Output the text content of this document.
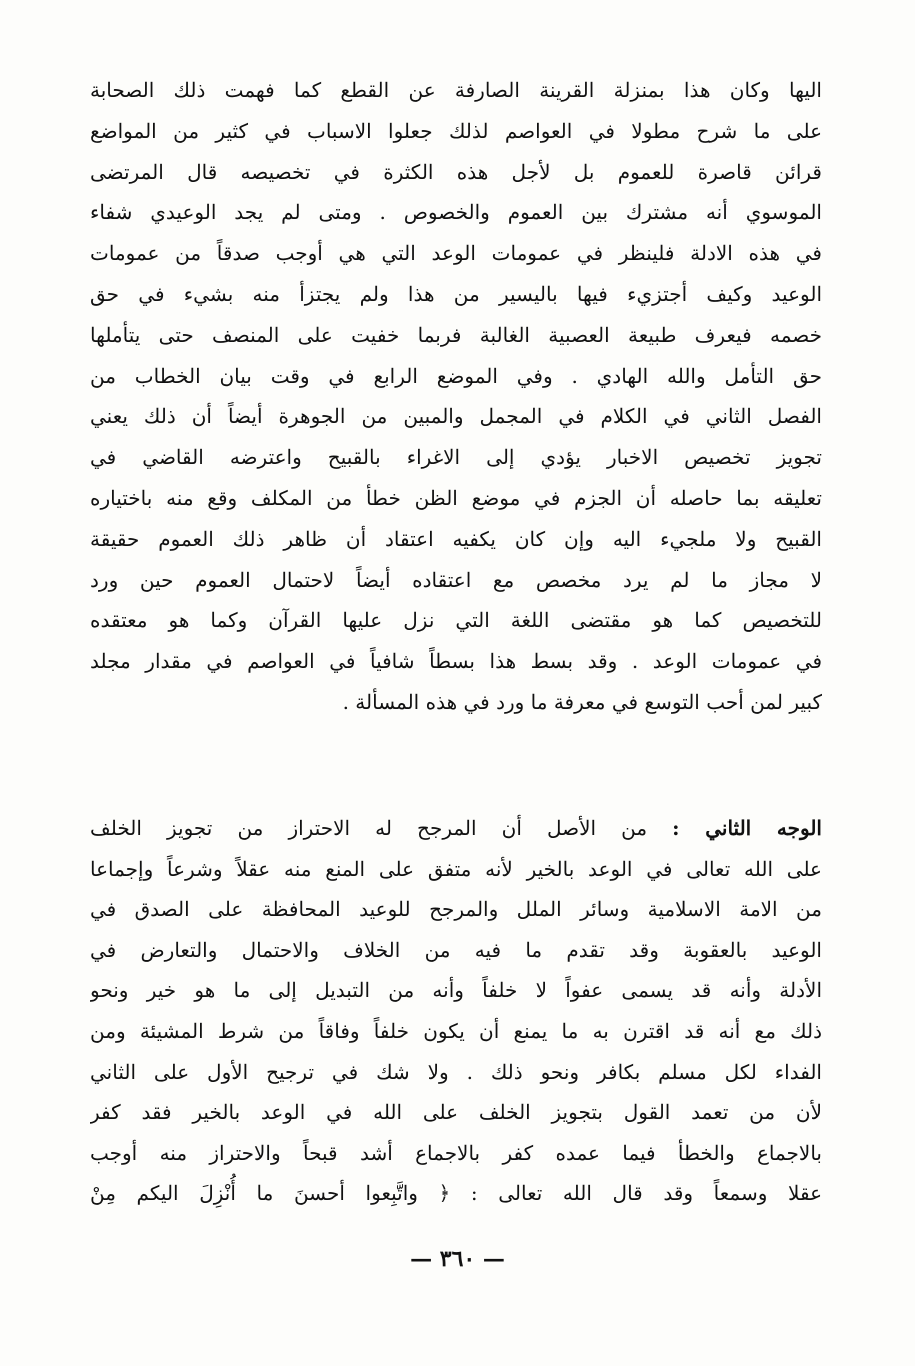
اليها وكان هذا بمنزلة القرينة الصارفة عن القطع كما فهمت ذلك الصحابة
على ما شرح مطولا في العواصم لذلك جعلوا الاسباب في كثير من المواضع
قرائن قاصرة للعموم بل لأجل هذه الكثرة في تخصيصه قال المرتضى
الموسوي أنه مشترك بين العموم والخصوص . ومتى لم يجد الوعيدي شفاء
في هذه الادلة فلينظر في عمومات الوعد التي هي أوجب صدقاً من عمومات
الوعيد وكيف أجتزيء فيها باليسير من هذا ولم يجتزأ منه بشيء في حق
خصمه فيعرف طبيعة العصبية الغالبة فربما خفيت على المنصف حتى يتأملها
حق التأمل والله الهادي . وفي الموضع الرابع في وقت بيان الخطاب من
الفصل الثاني في الكلام في المجمل والمبين من الجوهرة أيضاً أن ذلك يعني
تجويز تخصيص الاخبار يؤدي إلى الاغراء بالقبيح واعترضه القاضي في
تعليقه بما حاصله أن الجزم في موضع الظن خطأ من المكلف وقع منه باختياره
القبيح ولا ملجيء اليه وإن كان يكفيه اعتقاد أن ظاهر ذلك العموم حقيقة
لا مجاز ما لم يرد مخصص مع اعتقاده أيضاً لاحتمال العموم حين ورد
للتخصيص كما هو مقتضى اللغة التي نزل عليها القرآن وكما هو معتقده
في عمومات الوعد . وقد بسط هذا بسطاً شافياً في العواصم في مقدار مجلد
كبير لمن أحب التوسع في معرفة ما ورد في هذه المسألة .
الوجه الثاني : من الأصل أن المرجح له الاحتراز من تجويز الخلف
على الله تعالى في الوعد بالخير لأنه متفق على المنع منه عقلاً وشرعاً وإجماعا
من الامة الاسلامية وسائر الملل والمرجح للوعيد المحافظة على الصدق في
الوعيد بالعقوبة وقد تقدم ما فيه من الخلاف والاحتمال والتعارض في
الأدلة وأنه قد يسمى عفواً لا خلفاً وأنه من التبديل إلى ما هو خير ونحو
ذلك مع أنه قد اقترن به ما يمنع أن يكون خلفاً وفاقاً من شرط المشيئة ومن
الفداء لكل مسلم بكافر ونحو ذلك . ولا شك في ترجيح الأول على الثاني
لأن من تعمد القول بتجويز الخلف على الله في الوعد بالخير فقد كفر
بالاجماع والخطأ فيما عمده كفر بالاجماع أشد قبحاً والاحتراز منه أوجب
عقلا وسمعاً وقد قال الله تعالى : ﴿ واتَّبِعوا أحسنَ ما أُنْزِلَ اليكم مِنْ
— ٣٦٠ —
